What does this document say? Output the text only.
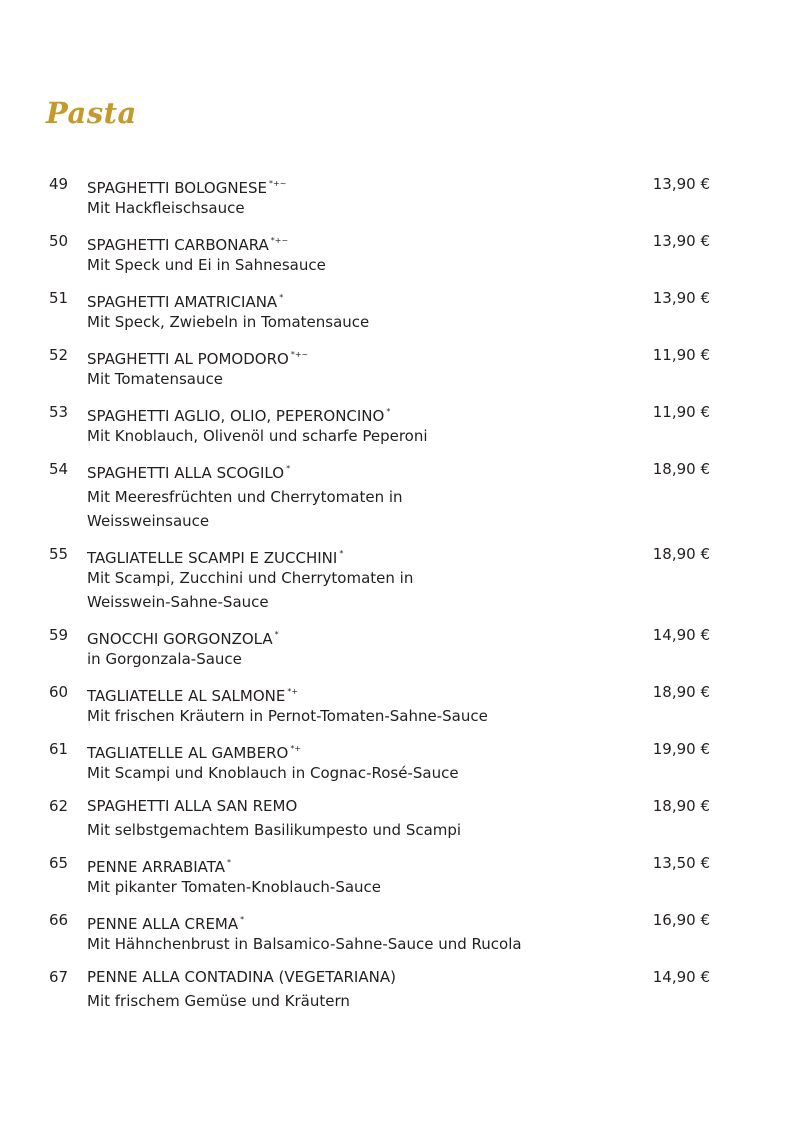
Pasta
49 SPAGHETTI BOLOGNESE *+~	13,90 €
Mit Hackfleischsauce
50 SPAGHETTI CARBONARA *+~	13,90 €
Mit Speck und Ei in Sahnesauce
51 SPAGHETTI AMATRICIANA *	13,90 €
Mit Speck, Zwiebeln in Tomatensauce
52 SPAGHETTI AL POMODORO *+~	11,90 €
Mit Tomatensauce
53 SPAGHETTI AGLIO, OLIO, PEPERONCINO *	11,90 €
Mit Knoblauch, Olivenöl und scharfe Peperoni
54 SPAGHETTI ALLA SCOGILO *	18,90 €
Mit Meeresfrüchten und Cherrytomaten in
Weissweinsauce
55 TAGLIATELLE SCAMPI E ZUCCHINI *	18,90 €
Mit Scampi, Zucchini und Cherrytomaten in
Weisswein-Sahne-Sauce
59 GNOCCHI GORGONZOLA *	14,90 €
in Gorgonzala-Sauce
60 TAGLIATELLE AL SALMONE *+	18,90 €
Mit frischen Kräutern in Pernot-Tomaten-Sahne-Sauce
61 TAGLIATELLE AL GAMBERO *+	19,90 €
Mit Scampi und Knoblauch in Cognac-Rosé-Sauce
62 SPAGHETTI ALLA SAN REMO	18,90 €
Mit selbstgemachtem Basilikumpesto und Scampi
65 PENNE ARRABIATA *	13,50 €
Mit pikanter Tomaten-Knoblauch-Sauce
66 PENNE ALLA CREMA *	16,90 €
Mit Hähnchenbrust in Balsamico-Sahne-Sauce und Rucola
67 PENNE ALLA CONTADINA (VEGETARIANA)	14,90 €
Mit frischem Gemüse und Kräutern
